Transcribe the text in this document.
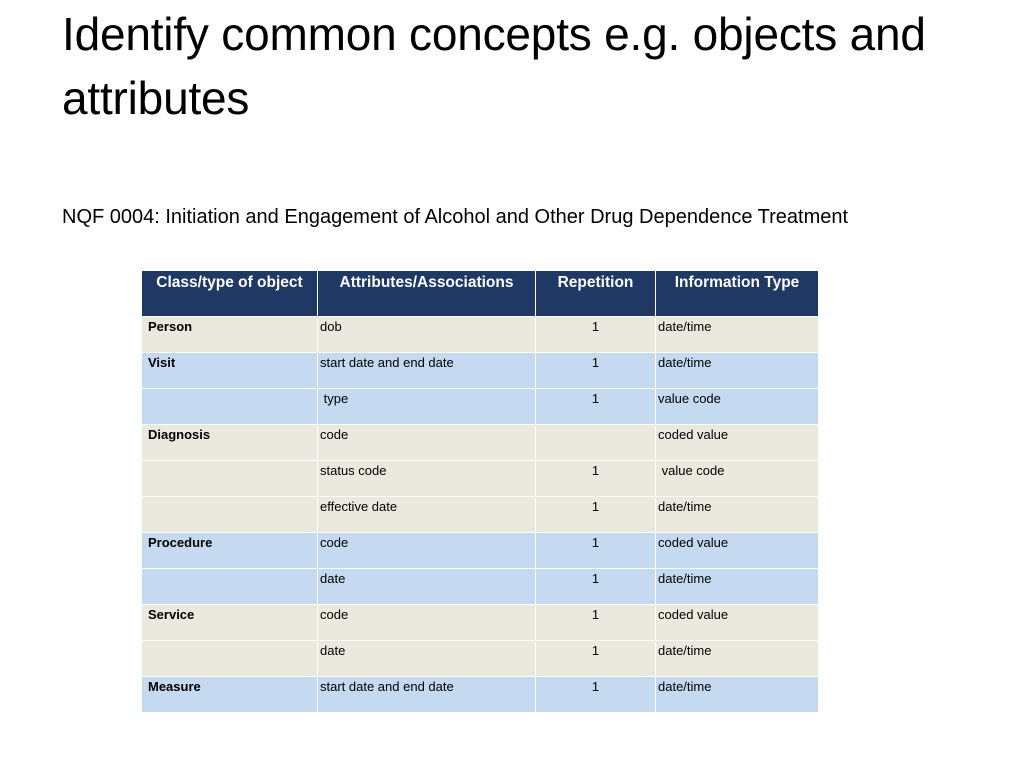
Identify common concepts e.g. objects and attributes

NQF 0004: Initiation and Engagement of Alcohol and Other Drug Dependence Treatment

Class/type of object	Attributes/Associations	Repetition	Information Type
Person	dob	1	date/time
Visit	start date and end date	1	date/time
	type	1	value code
Diagnosis	code		coded value
	status code	1	value code
	effective date	1	date/time
Procedure	code	1	coded value
	date	1	date/time
Service	code	1	coded value
	date	1	date/time
Measure	start date and end date	1	date/time
